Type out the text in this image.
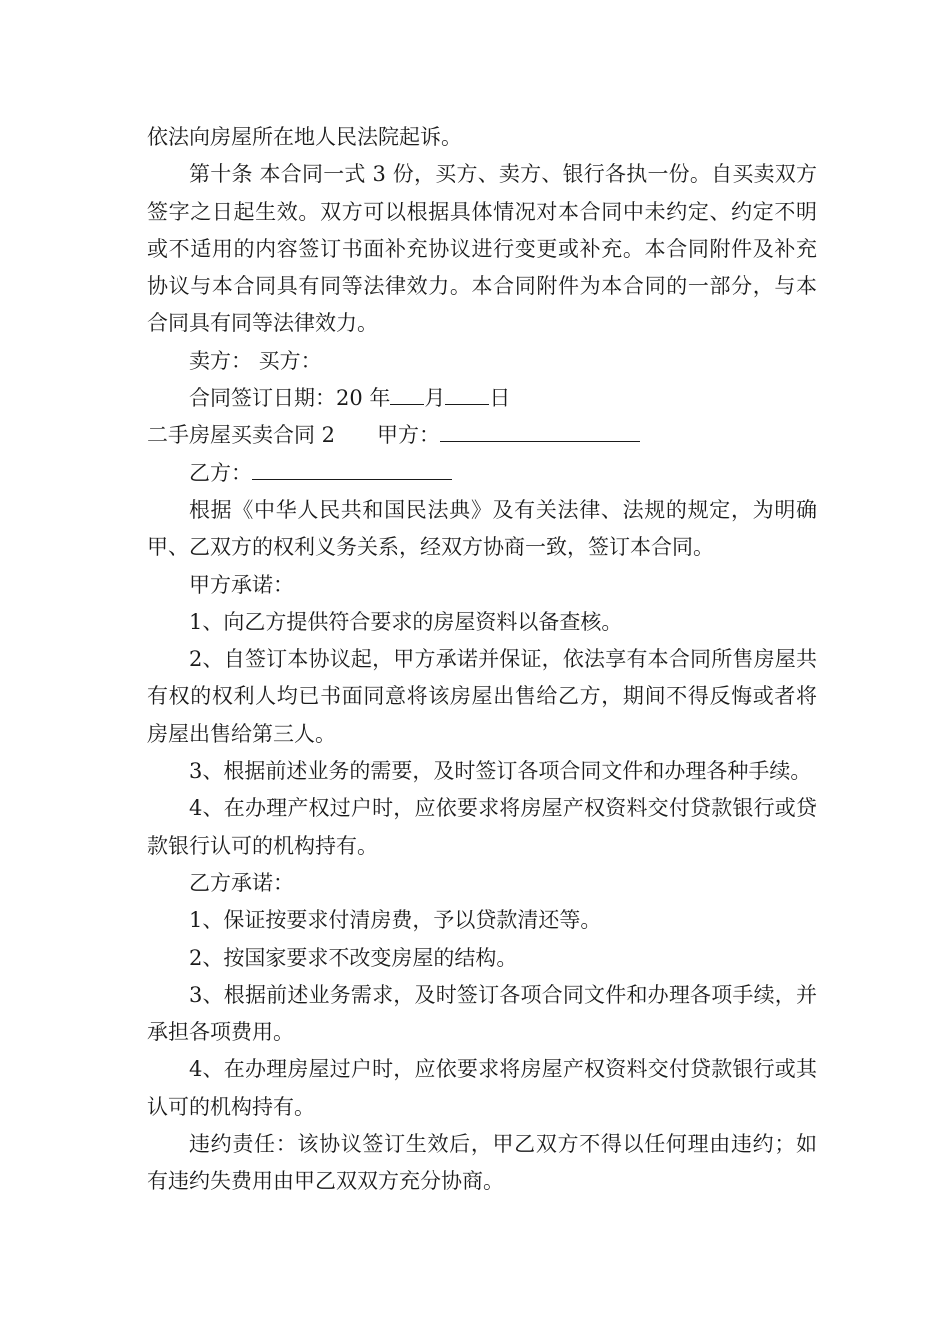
依法向房屋所在地人民法院起诉。

第十条 本合同一式 3 份，买方、卖方、银行各执一份。自买卖双方签字之日起生效。双方可以根据具体情况对本合同中未约定、约定不明或不适用的内容签订书面补充协议进行变更或补充。本合同附件及补充协议与本合同具有同等法律效力。本合同附件为本合同的一部分，与本合同具有同等法律效力。

卖方： 买方：

合同签订日期：20 年 月 日

二手房屋买卖合同 2 甲方：

乙方：

根据《中华人民共和国民法典》及有关法律、法规的规定，为明确甲、乙双方的权利义务关系，经双方协商一致，签订本合同。

甲方承诺：

1、向乙方提供符合要求的房屋资料以备查核。

2、自签订本协议起，甲方承诺并保证，依法享有本合同所售房屋共有权的权利人均已书面同意将该房屋出售给乙方，期间不得反悔或者将房屋出售给第三人。

3、根据前述业务的需要，及时签订各项合同文件和办理各种手续。

4、在办理产权过户时，应依要求将房屋产权资料交付贷款银行或贷款银行认可的机构持有。

乙方承诺：

1、保证按要求付清房费，予以贷款清还等。

2、按国家要求不改变房屋的结构。

3、根据前述业务需求，及时签订各项合同文件和办理各项手续，并承担各项费用。

4、在办理房屋过户时，应依要求将房屋产权资料交付贷款银行或其认可的机构持有。

违约责任：该协议签订生效后，甲乙双方不得以任何理由违约；如有违约失费用由甲乙双双方充分协商。
